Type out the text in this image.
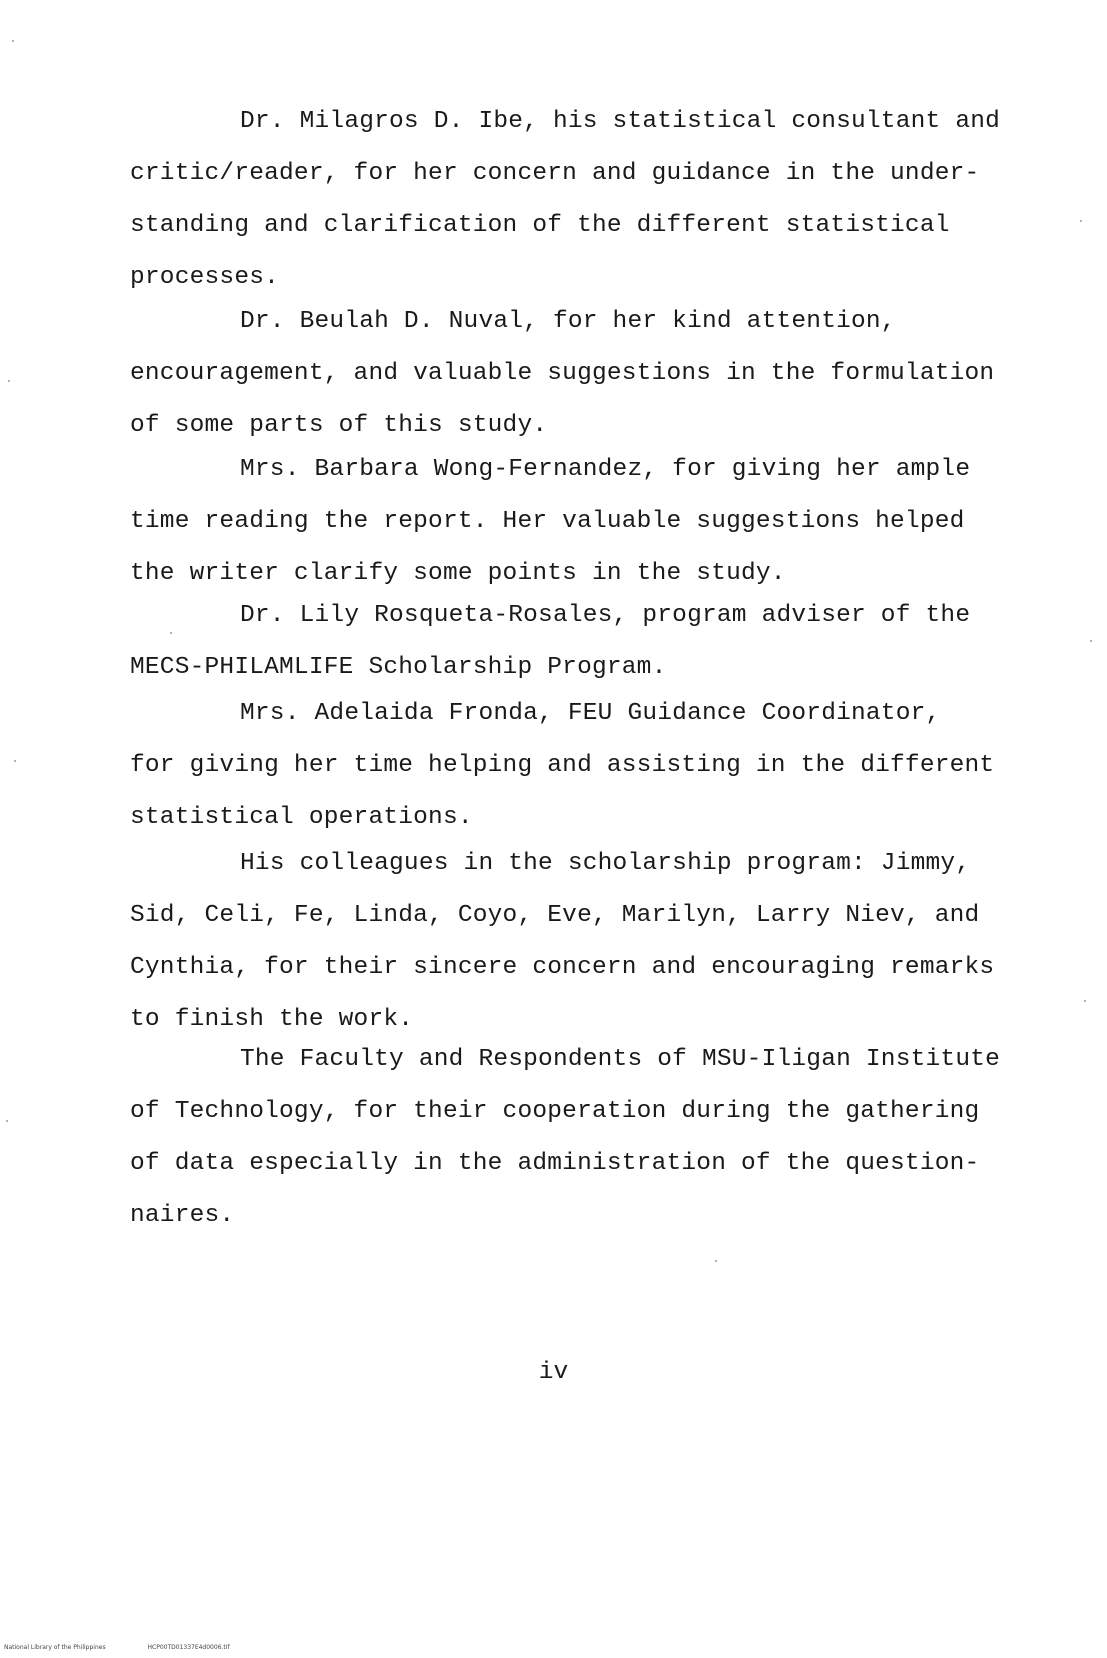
Dr. Milagros D. Ibe, his statistical consultant and
critic/reader, for her concern and guidance in the under-
standing and clarification of the different statistical
processes.
Dr. Beulah D. Nuval, for her kind attention,
encouragement, and valuable suggestions in the formulation
of some parts of this study.
Mrs. Barbara Wong-Fernandez, for giving her ample
time reading the report. Her valuable suggestions helped
the writer clarify some points in the study.
Dr. Lily Rosqueta-Rosales, program adviser of the
MECS-PHILAMLIFE Scholarship Program.
Mrs. Adelaida Fronda, FEU Guidance Coordinator,
for giving her time helping and assisting in the different
statistical operations.
His colleagues in the scholarship program: Jimmy,
Sid, Celi, Fe, Linda, Coyo, Eve, Marilyn, Larry Niev, and
Cynthia, for their sincere concern and encouraging remarks
to finish the work.
The Faculty and Respondents of MSU-Iligan Institute
of Technology, for their cooperation during the gathering
of data especially in the administration of the question-
naires.
iv
National Library of the Philippines	HCP00TD01337E4d0006.tif
